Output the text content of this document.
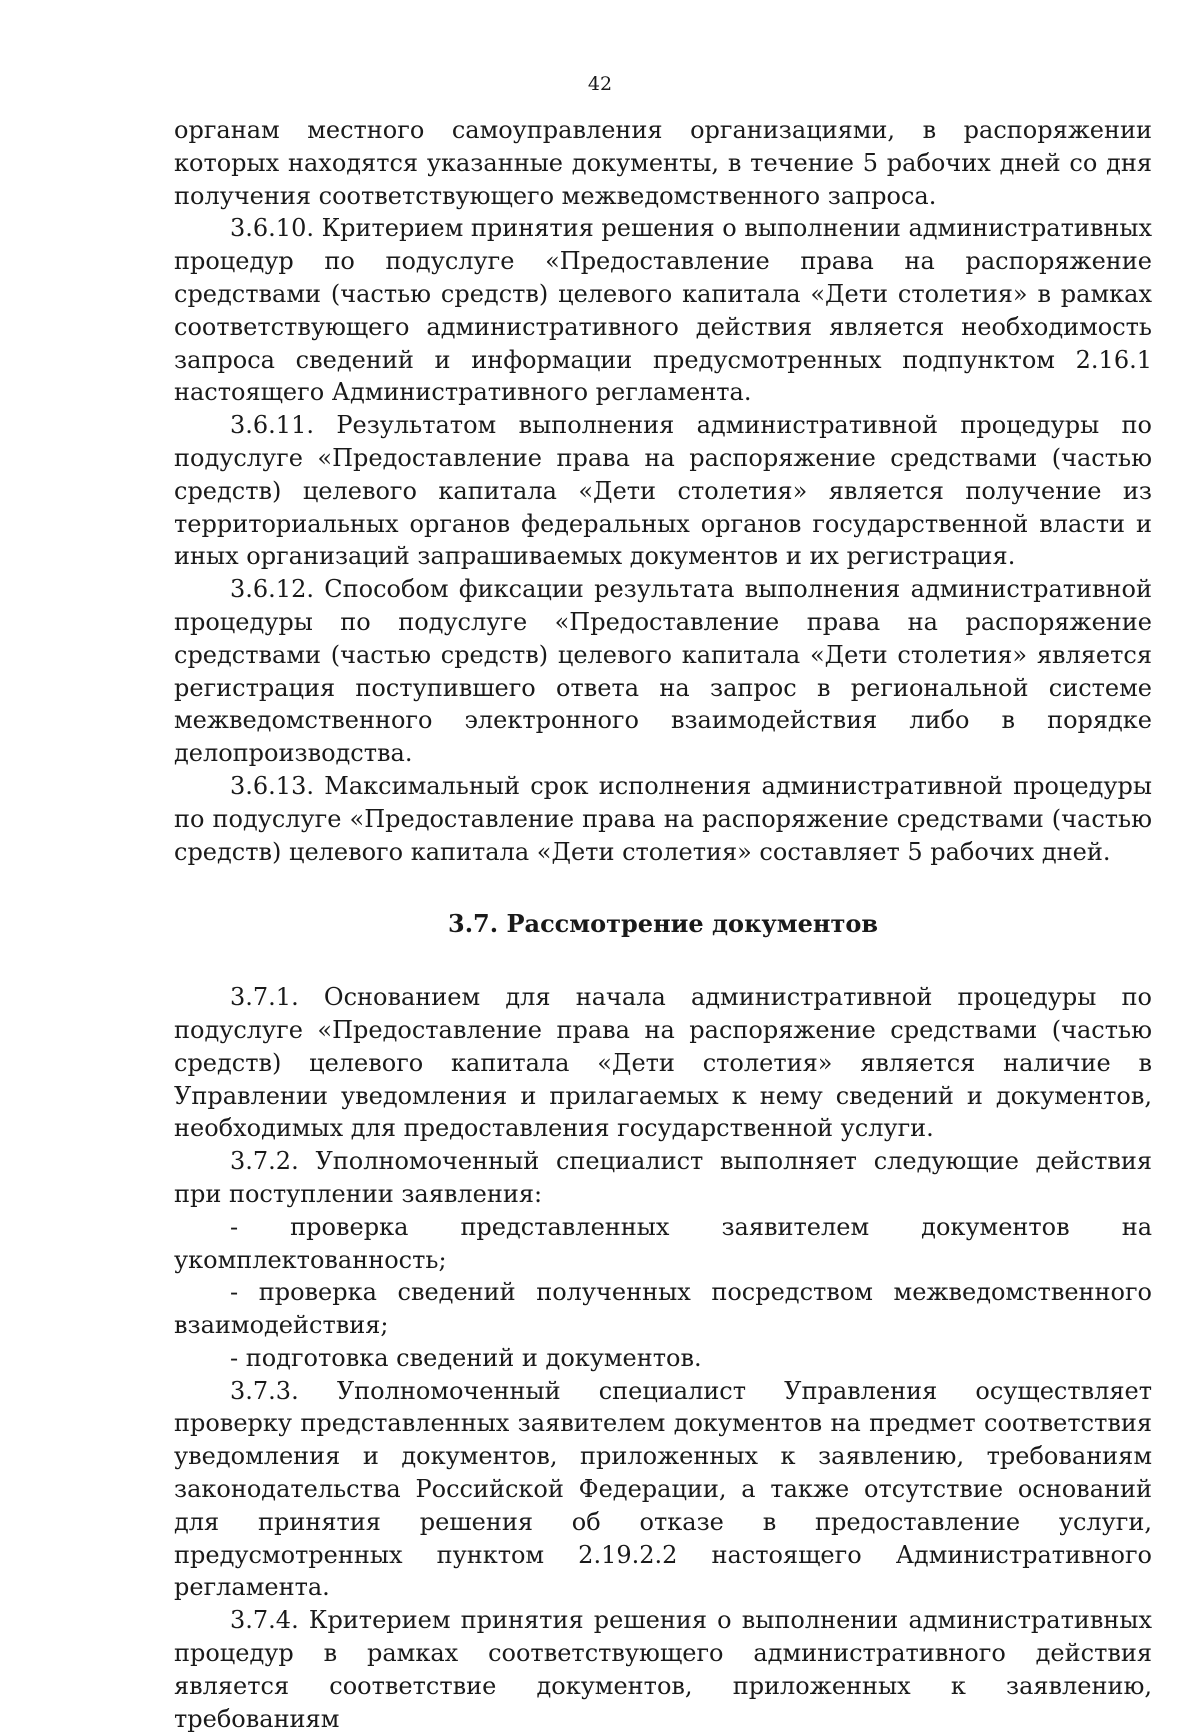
42

органам местного самоуправления организациями, в распоряжении которых находятся указанные документы, в течение 5 рабочих дней со дня получения соответствующего межведомственного запроса.

3.6.10. Критерием принятия решения о выполнении административных процедур по подуслуге «Предоставление права на распоряжение средствами (частью средств) целевого капитала «Дети столетия» в рамках соответствующего административного действия является необходимость запроса сведений и информации предусмотренных подпунктом 2.16.1 настоящего Административного регламента.

3.6.11. Результатом выполнения административной процедуры по подуслуге «Предоставление права на распоряжение средствами (частью средств) целевого капитала «Дети столетия» является получение из территориальных органов федеральных органов государственной власти и иных организаций запрашиваемых документов и их регистрация.

3.6.12. Способом фиксации результата выполнения административной процедуры по подуслуге «Предоставление права на распоряжение средствами (частью средств) целевого капитала «Дети столетия» является регистрация поступившего ответа на запрос в региональной системе межведомственного электронного взаимодействия либо в порядке делопроизводства.

3.6.13. Максимальный срок исполнения административной процедуры по подуслуге «Предоставление права на распоряжение средствами (частью средств) целевого капитала «Дети столетия» составляет 5 рабочих дней.

3.7. Рассмотрение документов

3.7.1. Основанием для начала административной процедуры по подуслуге «Предоставление права на распоряжение средствами (частью средств) целевого капитала «Дети столетия» является наличие в Управлении уведомления и прилагаемых к нему сведений и документов, необходимых для предоставления государственной услуги.

3.7.2. Уполномоченный специалист выполняет следующие действия при поступлении заявления:

- проверка представленных заявителем документов на укомплектованность;

- проверка сведений полученных посредством межведомственного взаимодействия;

- подготовка сведений и документов.

3.7.3. Уполномоченный специалист Управления осуществляет проверку представленных заявителем документов на предмет соответствия уведомления и документов, приложенных к заявлению, требованиям законодательства Российской Федерации, а также отсутствие оснований для принятия решения об отказе в предоставление услуги, предусмотренных пунктом 2.19.2.2 настоящего Административного регламента.

3.7.4. Критерием принятия решения о выполнении административных процедур в рамках соответствующего административного действия является соответствие документов, приложенных к заявлению, требованиям
